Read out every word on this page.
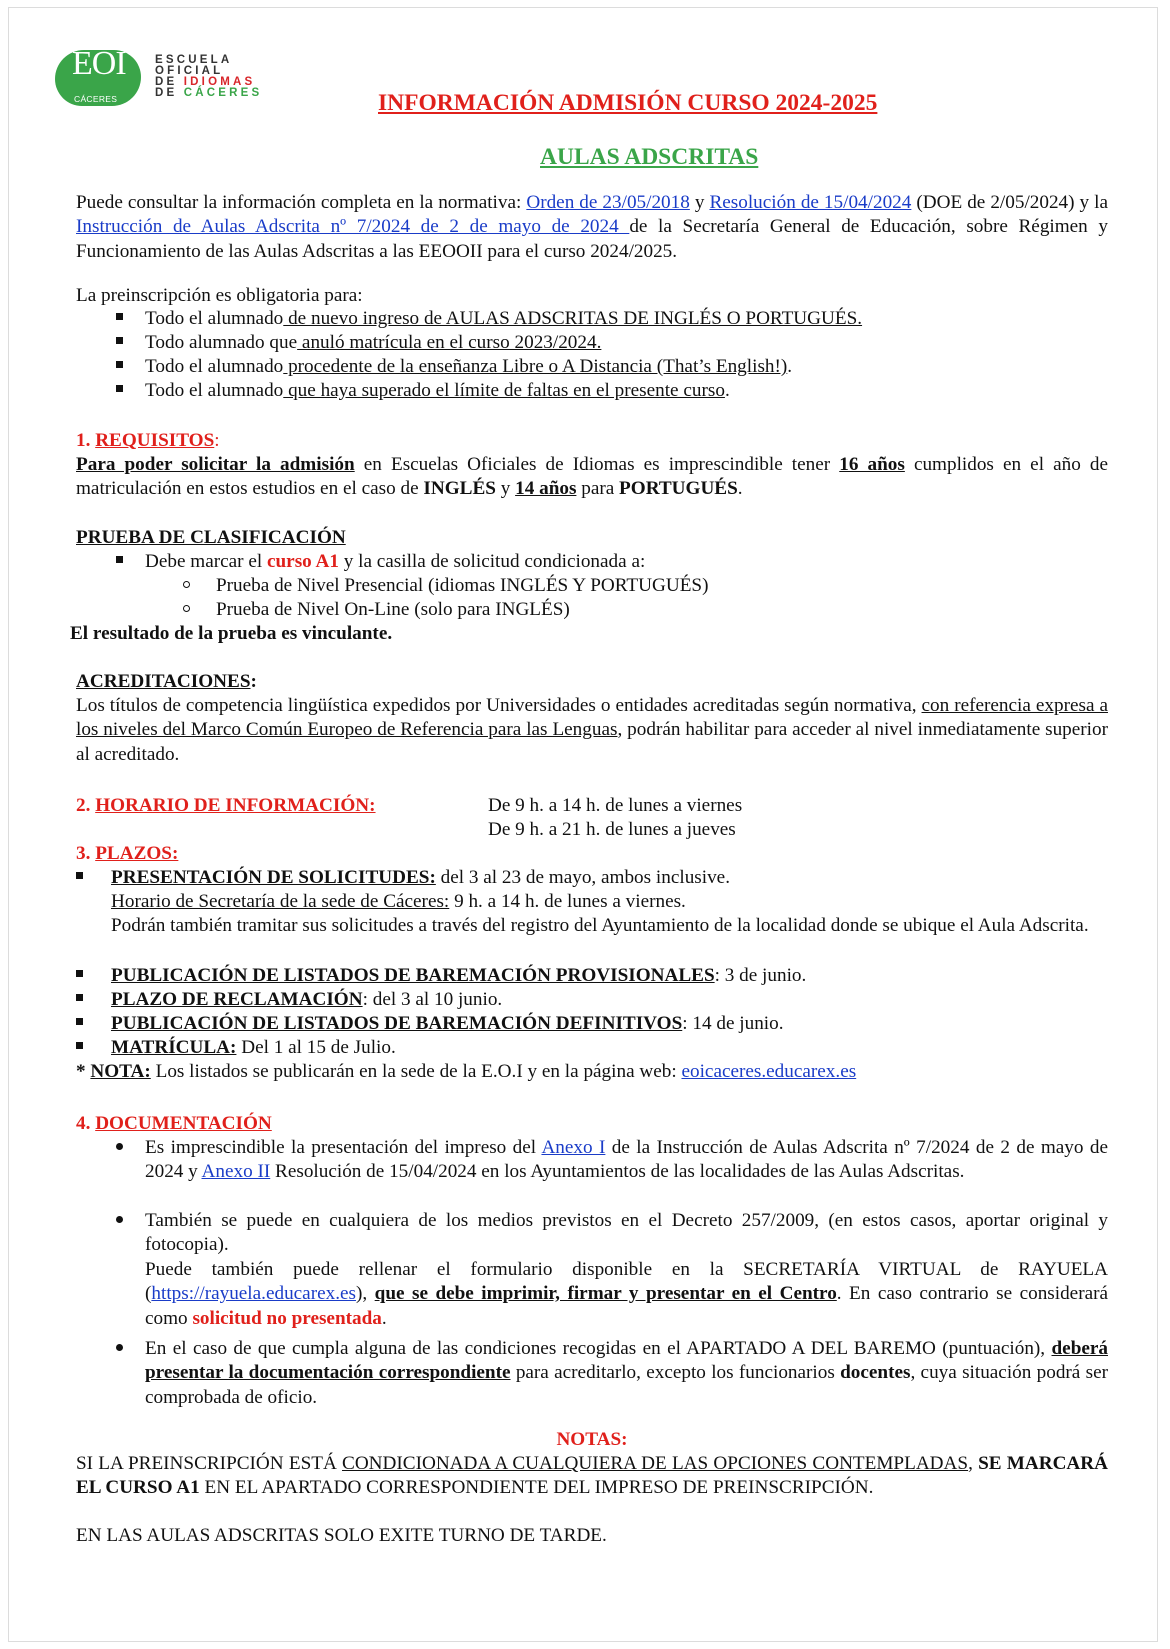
EOI
CÁCERES
ESCUELA
OFICIAL
DE IDIOMAS
DE CÁCERES	INFORMACIÓN ADMISIÓN CURSO 2024-2025
AULAS ADSCRITAS
Puede consultar la información completa en la normativa: Orden de 23/05/2018 y Resolución de 15/04/2024 (DOE de 2/05/2024) y la Instrucción de Aulas Adscrita nº 7/2024 de 2 de mayo de 2024 de la Secretaría General de Educación, sobre Régimen y Funcionamiento de las Aulas Adscritas a las EEOOII para el curso 2024/2025.
La preinscripción es obligatoria para:
Todo el alumnado de nuevo ingreso de AULAS ADSCRITAS DE INGLÉS O PORTUGUÉS.
Todo alumnado que anuló matrícula en el curso 2023/2024.
Todo el alumnado procedente de la enseñanza Libre o A Distancia (That’s English!).
Todo el alumnado que haya superado el límite de faltas en el presente curso.
1. REQUISITOS:
Para poder solicitar la admisión en Escuelas Oficiales de Idiomas es imprescindible tener 16 años cumplidos en el año de matriculación en estos estudios en el caso de INGLÉS y 14 años para PORTUGUÉS.
PRUEBA DE CLASIFICACIÓN
Debe marcar el curso A1 y la casilla de solicitud condicionada a:
Prueba de Nivel Presencial (idiomas INGLÉS Y PORTUGUÉS)
Prueba de Nivel On-Line (solo para INGLÉS)
El resultado de la prueba es vinculante.
ACREDITACIONES:
Los títulos de competencia lingüística expedidos por Universidades o entidades acreditadas según normativa, con referencia expresa a los niveles del Marco Común Europeo de Referencia para las Lenguas, podrán habilitar para acceder al nivel inmediatamente superior al acreditado.
2. HORARIO DE INFORMACIÓN:	De 9 h. a 14 h. de lunes a viernes
De 9 h. a 21 h. de lunes a jueves
3. PLAZOS:
PRESENTACIÓN DE SOLICITUDES: del 3 al 23 de mayo, ambos inclusive.
Horario de Secretaría de la sede de Cáceres: 9 h. a 14 h. de lunes a viernes.
Podrán también tramitar sus solicitudes a través del registro del Ayuntamiento de la localidad donde se ubique el Aula Adscrita.
PUBLICACIÓN DE LISTADOS DE BAREMACIÓN PROVISIONALES: 3 de junio.
PLAZO DE RECLAMACIÓN: del 3 al 10 junio.
PUBLICACIÓN DE LISTADOS DE BAREMACIÓN DEFINITIVOS: 14 de junio.
MATRÍCULA: Del 1 al 15 de Julio.
* NOTA: Los listados se publicarán en la sede de la E.O.I y en la página web: eoicaceres.educarex.es
4. DOCUMENTACIÓN
Es imprescindible la presentación del impreso del Anexo I de la Instrucción de Aulas Adscrita nº 7/2024 de 2 de mayo de 2024 y Anexo II Resolución de 15/04/2024 en los Ayuntamientos de las localidades de las Aulas Adscritas.
También se puede en cualquiera de los medios previstos en el Decreto 257/2009, (en estos casos, aportar original y fotocopia).
Puede también puede rellenar el formulario disponible en la SECRETARÍA VIRTUAL de RAYUELA (https://rayuela.educarex.es), que se debe imprimir, firmar y presentar en el Centro. En caso contrario se considerará como solicitud no presentada.
En el caso de que cumpla alguna de las condiciones recogidas en el APARTADO A DEL BAREMO (puntuación), deberá presentar la documentación correspondiente para acreditarlo, excepto los funcionarios docentes, cuya situación podrá ser comprobada de oficio.
NOTAS:
SI LA PREINSCRIPCIÓN ESTÁ CONDICIONADA A CUALQUIERA DE LAS OPCIONES CONTEMPLADAS, SE MARCARÁ EL CURSO A1 EN EL APARTADO CORRESPONDIENTE DEL IMPRESO DE PREINSCRIPCIÓN.
EN LAS AULAS ADSCRITAS SOLO EXITE TURNO DE TARDE.
